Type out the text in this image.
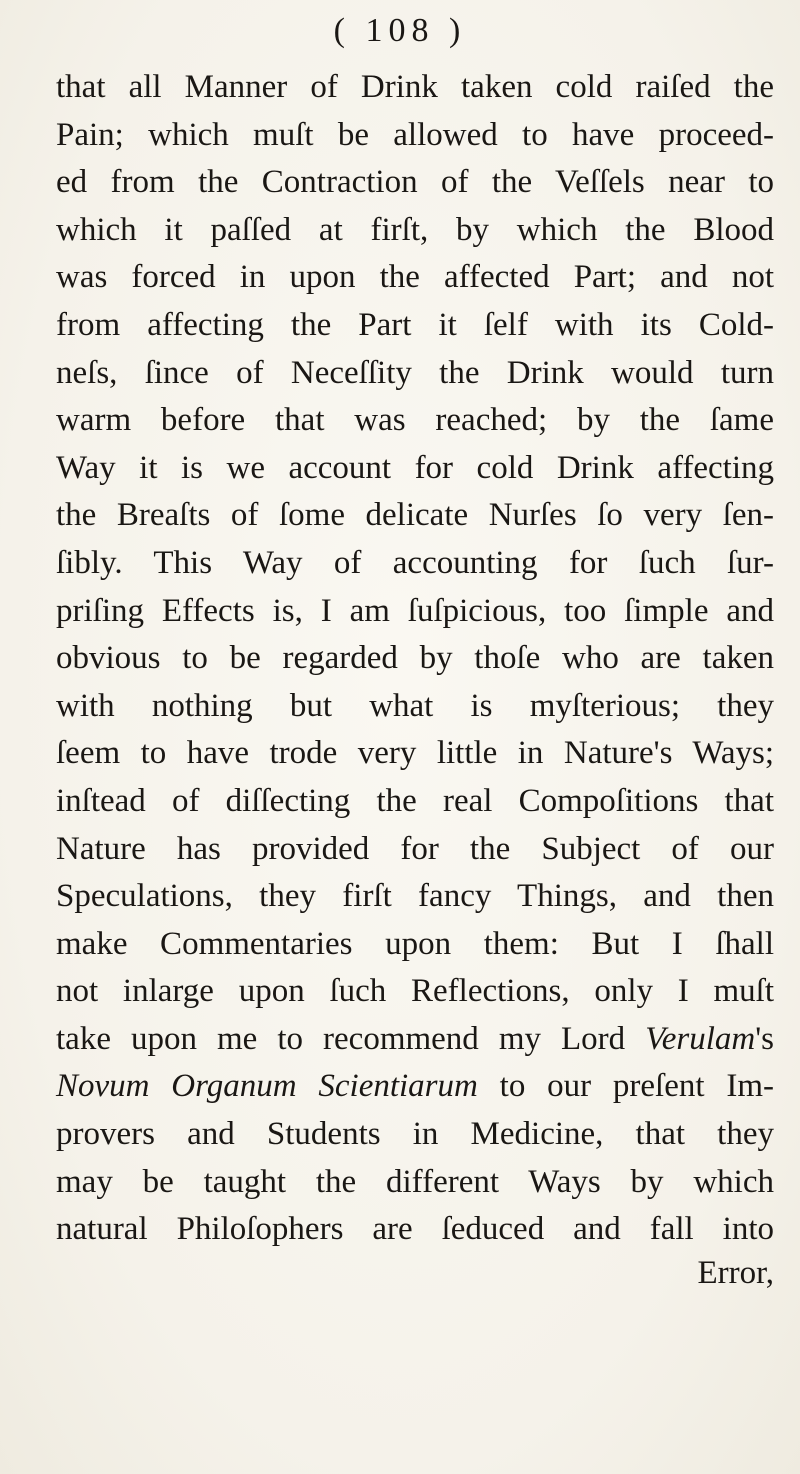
( 108 )
that all Manner of Drink taken cold raiſed the
Pain; which muſt be allowed to have proceed-
ed from the Contraction of the Veſſels near to
which it paſſed at firſt, by which the Blood
was forced in upon the affected Part; and not
from affecting the Part it ſelf with its Cold-
neſs, ſince of Neceſſity the Drink would turn
warm before that was reached; by the ſame
Way it is we account for cold Drink affecting
the Breaſts of ſome delicate Nurſes ſo very ſen-
ſibly. This Way of accounting for ſuch ſur-
priſing Effects is, I am ſuſpicious, too ſimple and
obvious to be regarded by thoſe who are taken
with nothing but what is myſterious; they
ſeem to have trode very little in Nature's Ways;
inſtead of diſſecting the real Compoſitions that
Nature has provided for the Subject of our
Speculations, they firſt fancy Things, and then
make Commentaries upon them: But I ſhall
not inlarge upon ſuch Reflections, only I muſt
take upon me to recommend my Lord Verulam's
Novum Organum Scientiarum to our preſent Im-
provers and Students in Medicine, that they
may be taught the different Ways by which
natural Philoſophers are ſeduced and fall into
Error,
